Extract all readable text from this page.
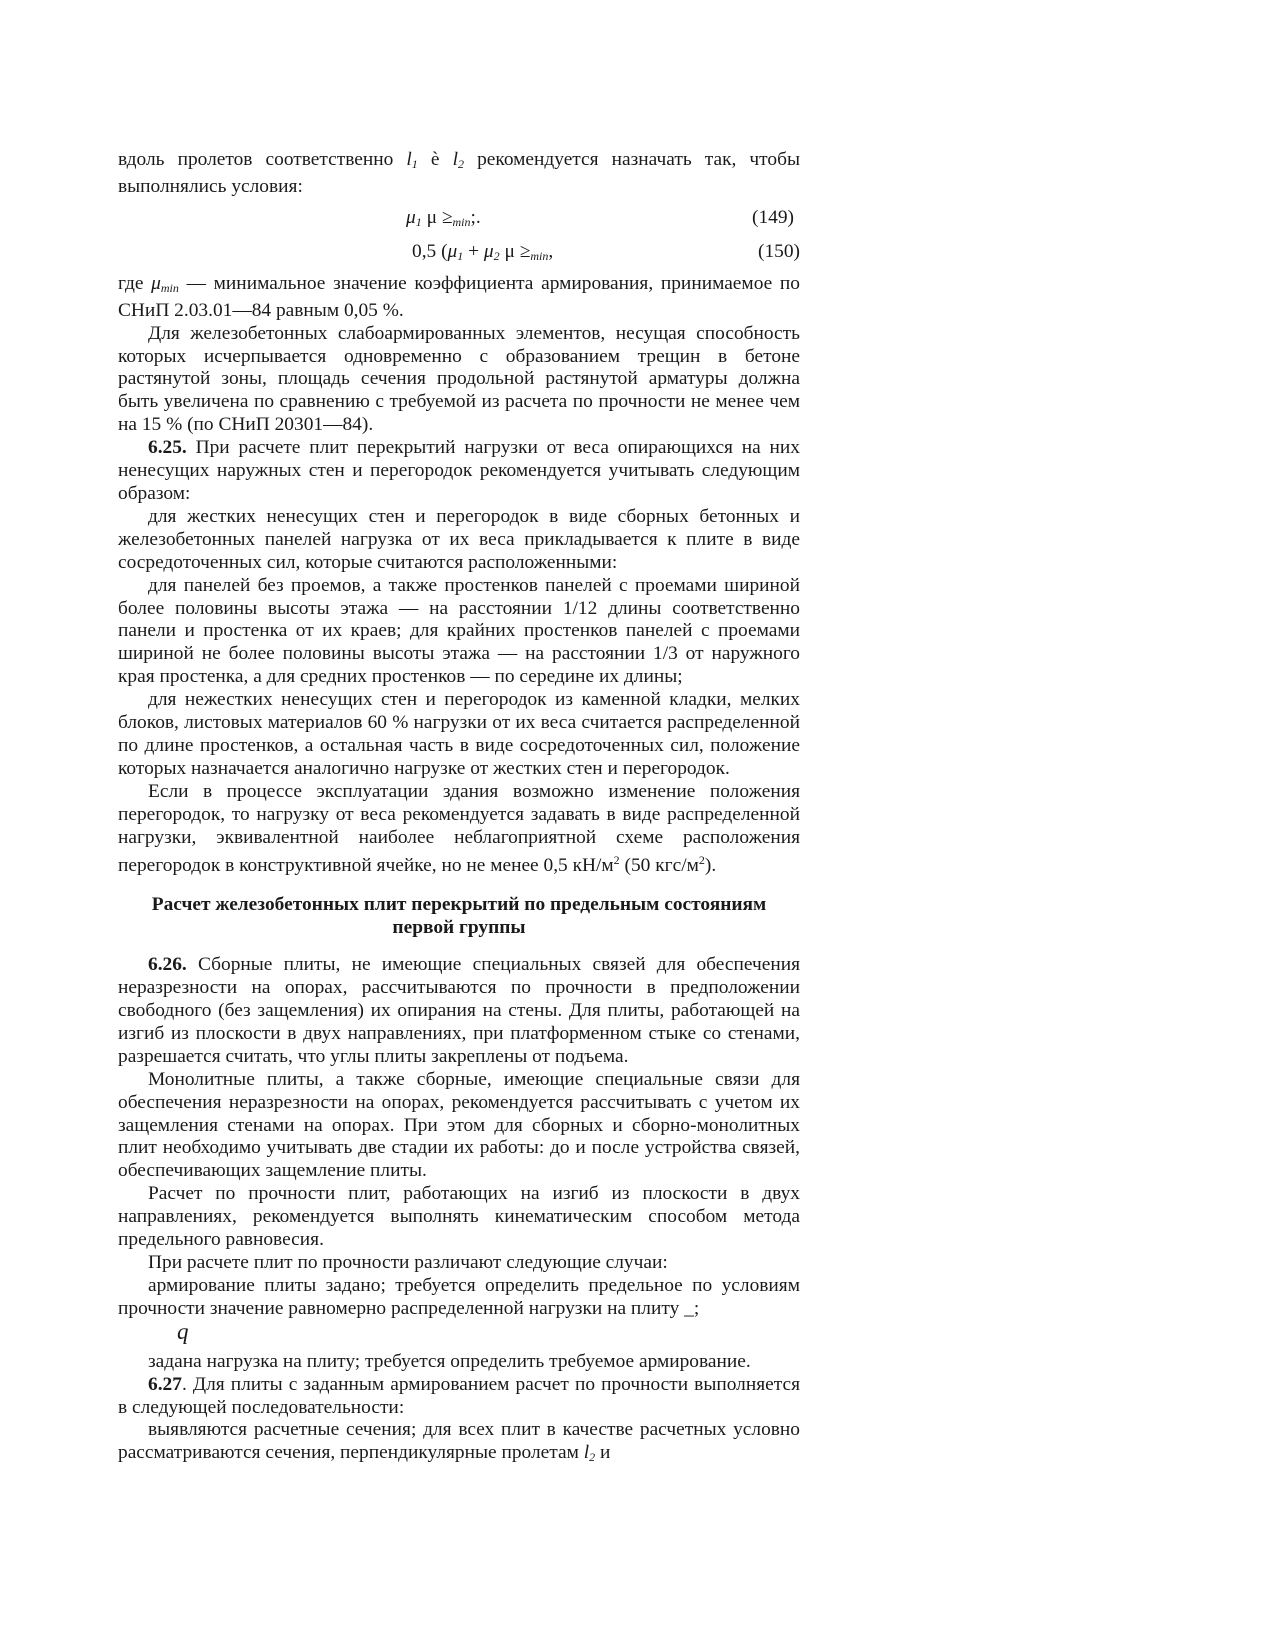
вдоль пролетов соответственно $l_1$ è $l_2$ рекомендуется назначать так, чтобы выполнялись условия:

$\mu_1$ $\mu \ge_{min}$;.	(149)
0,5 ($\mu_1 + \mu_2$ $\mu \ge_{min}$,	(150)

где $\mu_{min}$ — минимальное значение коэффициента армирования, принимаемое по СНиП 2.03.01—84 равным 0,05 %.

Для железобетонных слабоармированных элементов, несущая способность которых исчерпывается одновременно с образованием трещин в бетоне растянутой зоны, площадь сечения продольной растянутой арматуры должна быть увеличена по сравнению с требуемой из расчета по прочности не менее чем на 15 % (по СНиП 20301—84).

6.25. При расчете плит перекрытий нагрузки от веса опирающихся на них ненесущих наружных стен и перегородок рекомендуется учитывать следующим образом:

для жестких ненесущих стен и перегородок в виде сборных бетонных и железобетонных панелей нагрузка от их веса прикладывается к плите в виде сосредоточенных сил, которые считаются расположенными:

для панелей без проемов, а также простенков панелей с проемами шириной более половины высоты этажа — на расстоянии 1/12 длины соответственно панели и простенка от их краев; для крайних простенков панелей с проемами шириной не более половины высоты этажа — на расстоянии 1/3 от наружного края простенка, а для средних простенков — по середине их длины;

для нежестких ненесущих стен и перегородок из каменной кладки, мелких блоков, листовых материалов 60 % нагрузки от их веса считается распределенной по длине простенков, а остальная часть в виде сосредоточенных сил, положение которых назначается аналогично нагрузке от жестких стен и перегородок.

Если в процессе эксплуатации здания возможно изменение положения перегородок, то нагрузку от веса рекомендуется задавать в виде распределенной нагрузки, эквивалентной наиболее неблагоприятной схеме расположения перегородок в конструктивной ячейке, но не менее 0,5 $кН/м^2$ (50 кгс/$м^2$).

Расчет железобетонных плит перекрытий по предельным состояниям
первой группы

6.26. Сборные плиты, не имеющие специальных связей для обеспечения неразрезности на опорах, рассчитываются по прочности в предположении свободного (без защемления) их опирания на стены. Для плиты, работающей на изгиб из плоскости в двух направлениях, при платформенном стыке со стенами, разрешается считать, что углы плиты закреплены от подъема.

Монолитные плиты, а также сборные, имеющие специальные связи для обеспечения неразрезности на опорах, рекомендуется рассчитывать с учетом их защемления стенами на опорах. При этом для сборных и сборно-монолитных плит необходимо учитывать две стадии их работы: до и после устройства связей, обеспечивающих защемление плиты.

Расчет по прочности плит, работающих на изгиб из плоскости в двух направлениях, рекомендуется выполнять кинематическим способом метода предельного равновесия.

При расчете плит по прочности различают следующие случаи:

армирование плиты задано; требуется определить предельное по условиям прочности значение равномерно распределенной нагрузки на плиту _;

q

задана нагрузка на плиту; требуется определить требуемое армирование.

6.27. Для плиты с заданным армированием расчет по прочности выполняется в следующей последовательности:

выявляются расчетные сечения; для всех плит в качестве расчетных условно рассматриваются сечения, перпендикулярные пролетам $l_2$ и
